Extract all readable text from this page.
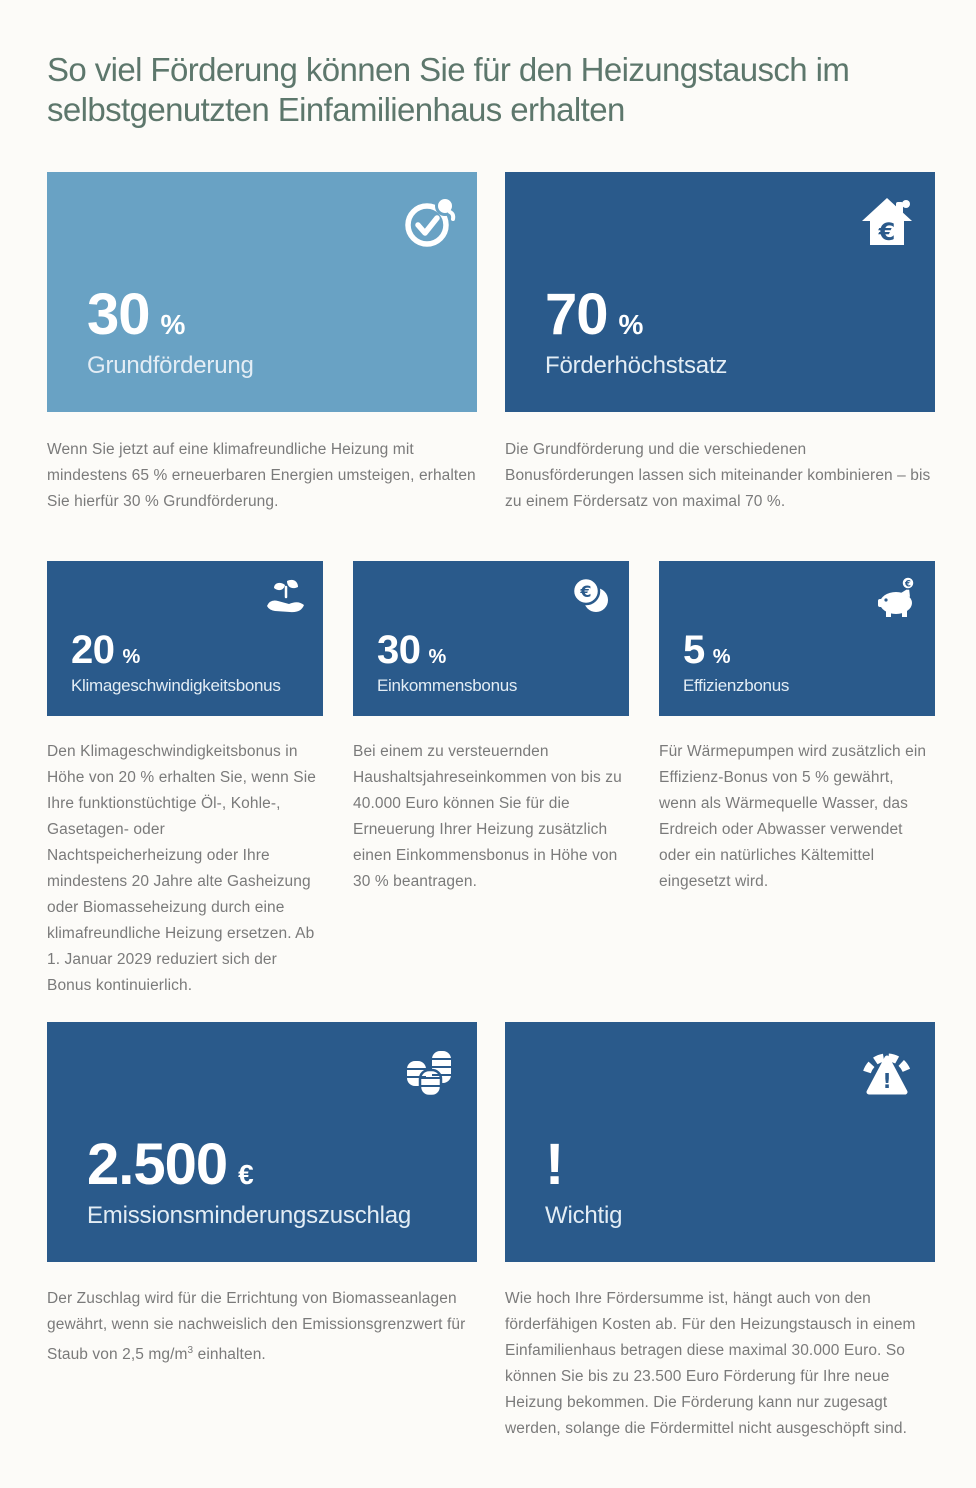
So viel Förderung können Sie für den Heizungstausch im selbstgenutzten Einfamilienhaus erhalten
30 %
Grundförderung
€
70 %
Förderhöchstsatz

Wenn Sie jetzt auf eine klimafreundliche Heizung mit mindestens 65 % erneuerbaren Energien umsteigen, erhalten Sie hierfür 30 % Grundförderung.

Die Grundförderung und die verschiedenen Bonusförderungen lassen sich miteinander kombinieren – bis zu einem Fördersatz von maximal 70 %.

20 %
Klimageschwindigkeitsbonus
€
30 %
Einkommensbonus
€
5 %
Effizienzbonus

Den Klimageschwindigkeitsbonus in Höhe von 20 % erhalten Sie, wenn Sie Ihre funktionstüchtige Öl-, Kohle-, Gasetagen- oder Nachtspeicherheizung oder Ihre mindestens 20 Jahre alte Gasheizung oder Biomasseheizung durch eine klimafreundliche Heizung ersetzen. Ab 1. Januar 2029 reduziert sich der Bonus kontinuierlich.

Bei einem zu versteuernden Haushaltsjahreseinkommen von bis zu 40.000 Euro können Sie für die Erneuerung Ihrer Heizung zusätzlich einen Einkommensbonus in Höhe von 30 % beantragen.

Für Wärmepumpen wird zusätzlich ein Effizienz-Bonus von 5 % gewährt, wenn als Wärmequelle Wasser, das Erdreich oder Abwasser verwendet oder ein natürliches Kältemittel eingesetzt wird.

2.500 €
Emissionsminderungszuschlag
!
!
Wichtig

Der Zuschlag wird für die Errichtung von Biomasseanlagen gewährt, wenn sie nachweislich den Emissionsgrenzwert für Staub von 2,5 $mg/m^3$ einhalten.

Wie hoch Ihre Fördersumme ist, hängt auch von den förderfähigen Kosten ab. Für den Heizungstausch in einem Einfamilienhaus betragen diese maximal 30.000 Euro. So können Sie bis zu 23.500 Euro Förderung für Ihre neue Heizung bekommen. Die Förderung kann nur zugesagt werden, solange die Fördermittel nicht ausgeschöpft sind.
